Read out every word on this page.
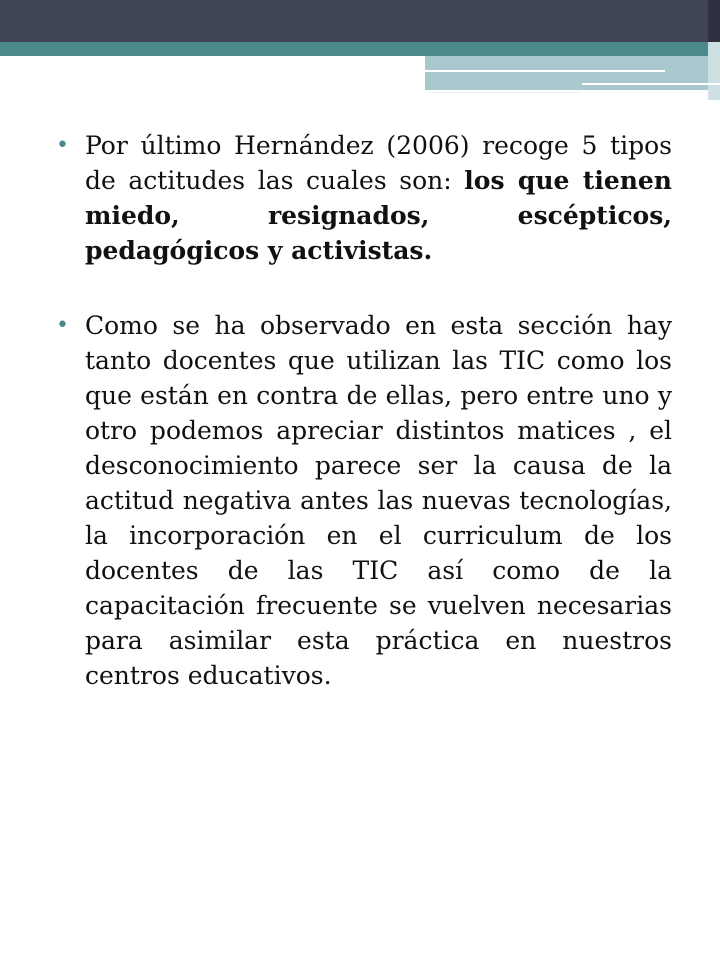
• Por último Hernández (2006) recoge 5 tipos de actitudes las cuales son: los que tienen miedo, resignados, escépticos, pedagógicos y activistas.
• Como se ha observado en esta sección hay tanto docentes que utilizan las TIC como los que están en contra de ellas, pero entre uno y otro podemos apreciar distintos matices , el desconocimiento parece ser la causa de la actitud negativa antes las nuevas tecnologías, la incorporación en el curriculum de los docentes de las TIC así como de la capacitación frecuente se vuelven necesarias para asimilar esta práctica en nuestros centros educativos.
